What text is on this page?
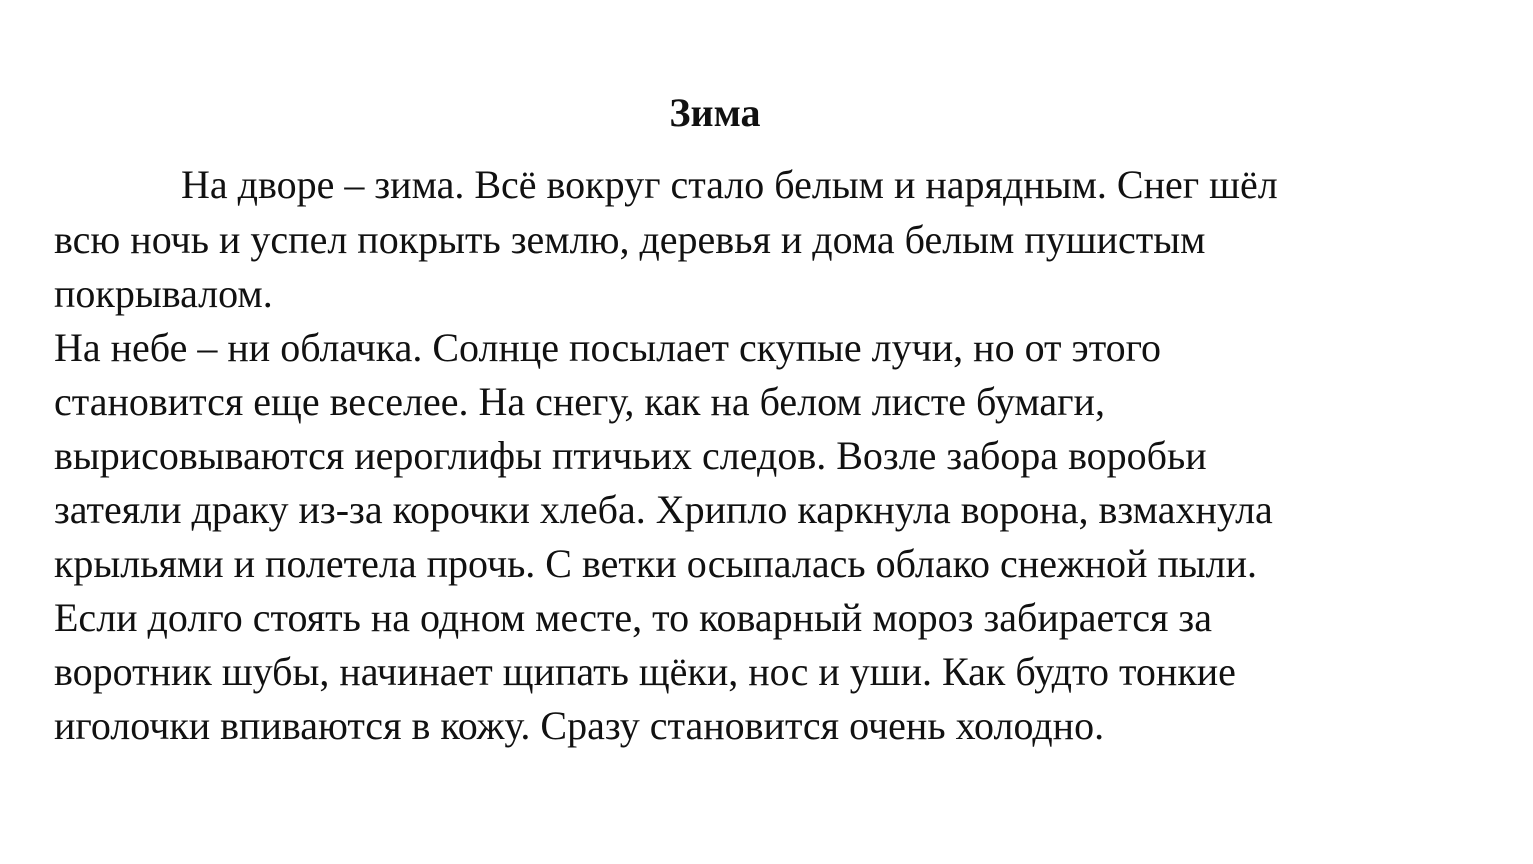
Зима

На дворе – зима. Всё вокруг стало белым и нарядным. Снег шёл

всю ночь и успел покрыть землю, деревья и дома белым пушистым

покрывалом.

На небе – ни облачка. Солнце посылает скупые лучи, но от этого

становится еще веселее. На снегу, как на белом листе бумаги,

вырисовываются иероглифы птичьих следов. Возле забора воробьи

затеяли драку из-за корочки хлеба. Хрипло каркнула ворона, взмахнула

крыльями и полетела прочь. С ветки осыпалась облако снежной пыли.

Если долго стоять на одном месте, то коварный мороз забирается за

воротник шубы, начинает щипать щёки, нос и уши. Как будто тонкие

иголочки впиваются в кожу. Сразу становится очень холодно.
